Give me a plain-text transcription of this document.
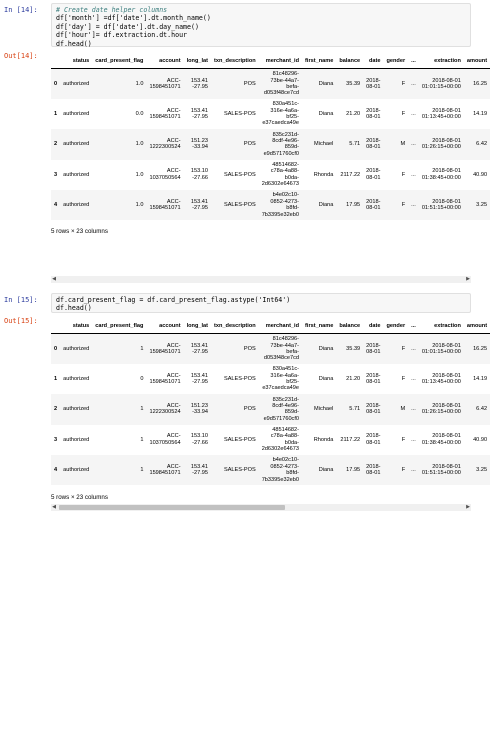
In [14]:	# Create date helper columns
df['month'] =df['date'].dt.month_name()
df['day'] = df['date'].dt.day_name()
df['hour']= df.extraction.dt.hour
df.head()
Out[14]:
	status	card_present_flag	account	long_lat	txn_description	merchant_id	first_name	balance	date	gender	...	extraction	amount
0	authorized	1.0	ACC-
1598451071	153.41
-27.95	POS	81c48296-
73be-44a7-
befa-
d053f48ce7cd	Diana	35.39	2018-
08-01	F	...	2018-08-01
01:01:15+00:00	16.25
1	authorized	0.0	ACC-
1598451071	153.41
-27.95	SALES-POS	830a451c-
316e-4a6a-
bf25-
e37caedca49e	Diana	21.20	2018-
08-01	F	...	2018-08-01
01:13:45+00:00	14.19
2	authorized	1.0	ACC-
1222300524	151.23
-33.94	POS	835c231d-
8cdf-4e96-
859d-
e9d571760cf0	Michael	5.71	2018-
08-01	M	...	2018-08-01
01:26:15+00:00	6.42
3	authorized	1.0	ACC-
1037050564	153.10
-27.66	SALES-POS	48514682-
c78a-4a88-
b0da-
2d6302e64673	Rhonda	2117.22	2018-
08-01	F	...	2018-08-01
01:38:45+00:00	40.90
4	authorized	1.0	ACC-
1598451071	153.41
-27.95	SALES-POS	b4e02c10-
0852-4273-
b8fd-
7b3395e32eb0	Diana	17.95	2018-
08-01	F	...	2018-08-01
01:51:15+00:00	3.25
5 rows × 23 columns
◀	▶
In [15]:	df.card_present_flag = df.card_present_flag.astype('Int64')
df.head()
Out[15]:
	status	card_present_flag	account	long_lat	txn_description	merchant_id	first_name	balance	date	gender	...	extraction	amount
0	authorized	1	ACC-
1598451071	153.41
-27.95	POS	81c48296-
73be-44a7-
befa-
d053f48ce7cd	Diana	35.39	2018-
08-01	F	...	2018-08-01
01:01:15+00:00	16.25
1	authorized	0	ACC-
1598451071	153.41
-27.95	SALES-POS	830a451c-
316e-4a6a-
bf25-
e37caedca49e	Diana	21.20	2018-
08-01	F	...	2018-08-01
01:13:45+00:00	14.19
2	authorized	1	ACC-
1222300524	151.23
-33.94	POS	835c231d-
8cdf-4e96-
859d-
e9d571760cf0	Michael	5.71	2018-
08-01	M	...	2018-08-01
01:26:15+00:00	6.42
3	authorized	1	ACC-
1037050564	153.10
-27.66	SALES-POS	48514682-
c78a-4a88-
b0da-
2d6302e64673	Rhonda	2117.22	2018-
08-01	F	...	2018-08-01
01:38:45+00:00	40.90
4	authorized	1	ACC-
1598451071	153.41
-27.95	SALES-POS	b4e02c10-
0852-4273-
b8fd-
7b3395e32eb0	Diana	17.95	2018-
08-01	F	...	2018-08-01
01:51:15+00:00	3.25
5 rows × 23 columns
◀	▶
